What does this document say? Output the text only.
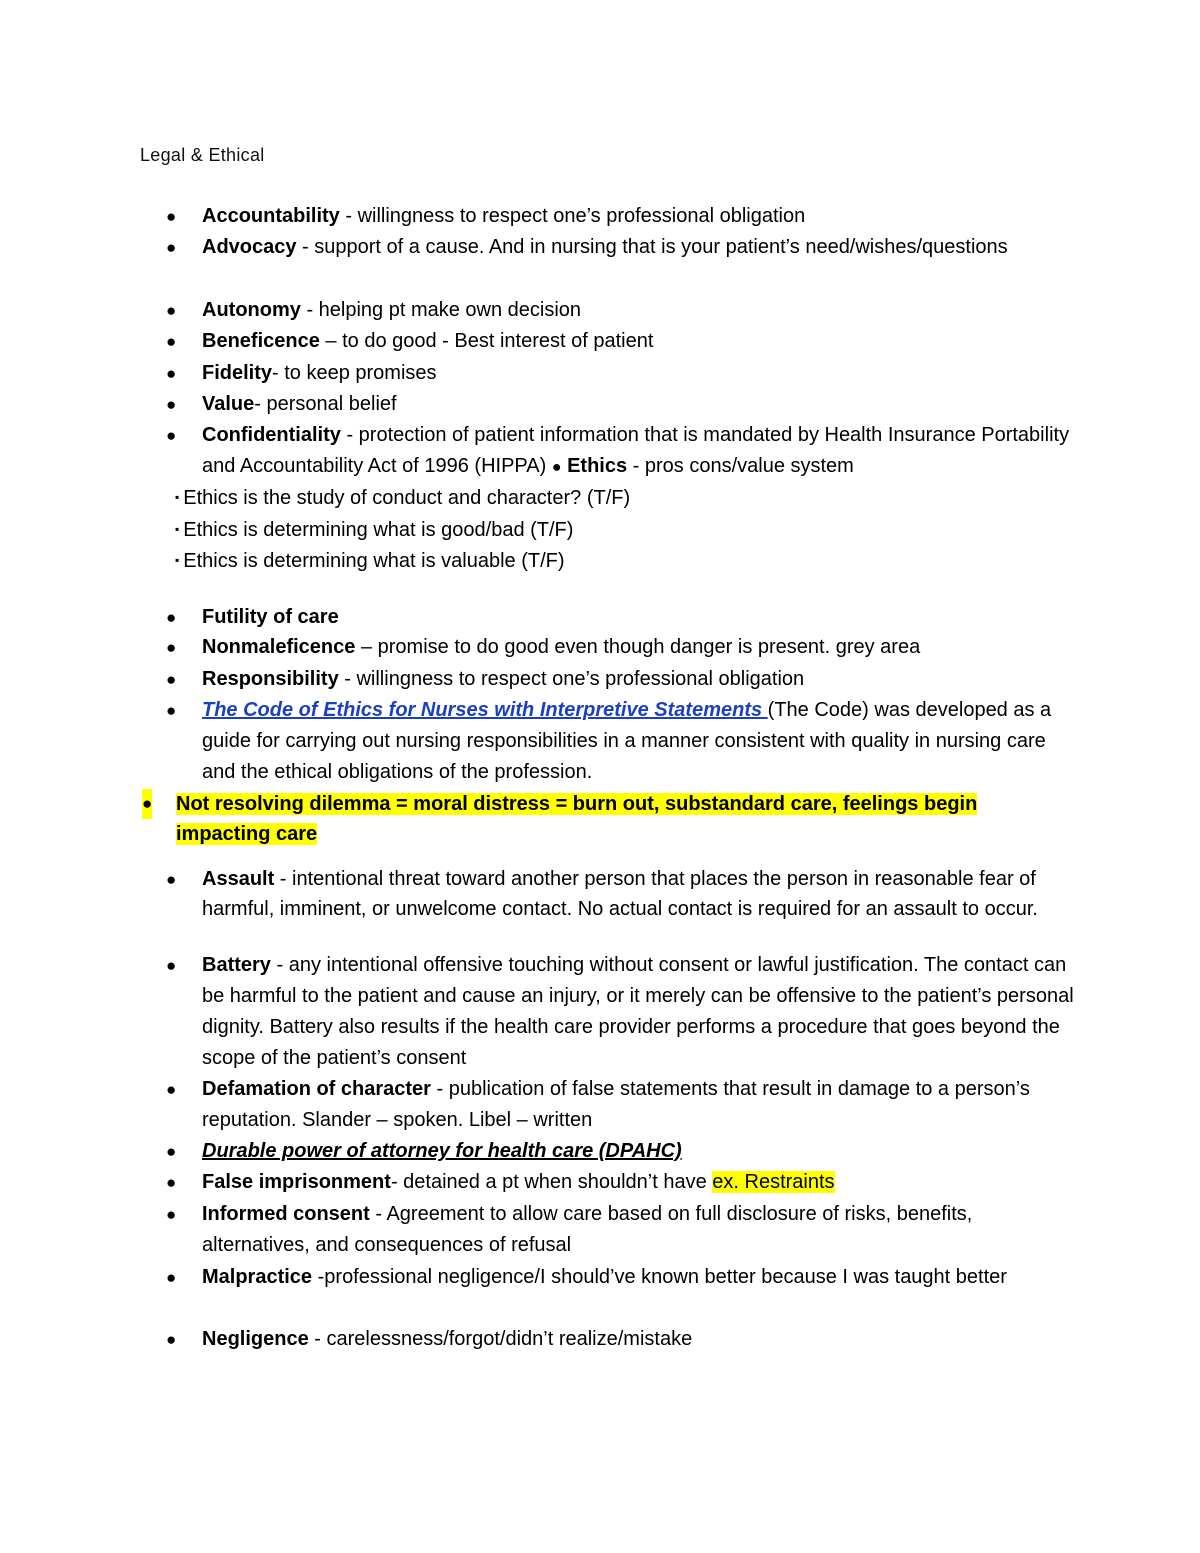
Legal & Ethical
● Accountability - willingness to respect one’s professional obligation
● Advocacy - support of a cause. And in nursing that is your patient’s need/wishes/questions
● Autonomy - helping pt make own decision
● Beneficence – to do good - Best interest of patient
● Fidelity- to keep promises
● Value- personal belief
● Confidentiality - protection of patient information that is mandated by Health Insurance Portability and Accountability Act of 1996 (HIPPA) ● Ethics - pros cons/value system
▪ Ethics is the study of conduct and character? (T/F)
▪ Ethics is determining what is good/bad (T/F)
▪ Ethics is determining what is valuable (T/F)
● Futility of care
● Nonmaleficence – promise to do good even though danger is present. grey area
● Responsibility - willingness to respect one’s professional obligation
● The Code of Ethics for Nurses with Interpretive Statements (The Code) was developed as a guide for carrying out nursing responsibilities in a manner consistent with quality in nursing care and the ethical obligations of the profession.
● Not resolving dilemma = moral distress = burn out, substandard care, feelings begin
impacting care
● Assault - intentional threat toward another person that places the person in reasonable fear of harmful, imminent, or unwelcome contact. No actual contact is required for an assault to occur.
● Battery - any intentional offensive touching without consent or lawful justification. The contact can be harmful to the patient and cause an injury, or it merely can be offensive to the patient’s personal dignity. Battery also results if the health care provider performs a procedure that goes beyond the scope of the patient’s consent
● Defamation of character - publication of false statements that result in damage to a person’s reputation. Slander – spoken. Libel – written
● Durable power of attorney for health care (DPAHC)
● False imprisonment- detained a pt when shouldn’t have ex. Restraints
● Informed consent - Agreement to allow care based on full disclosure of risks, benefits, alternatives, and consequences of refusal
● Malpractice -professional negligence/I should’ve known better because I was taught better
● Negligence - carelessness/forgot/didn’t realize/mistake
